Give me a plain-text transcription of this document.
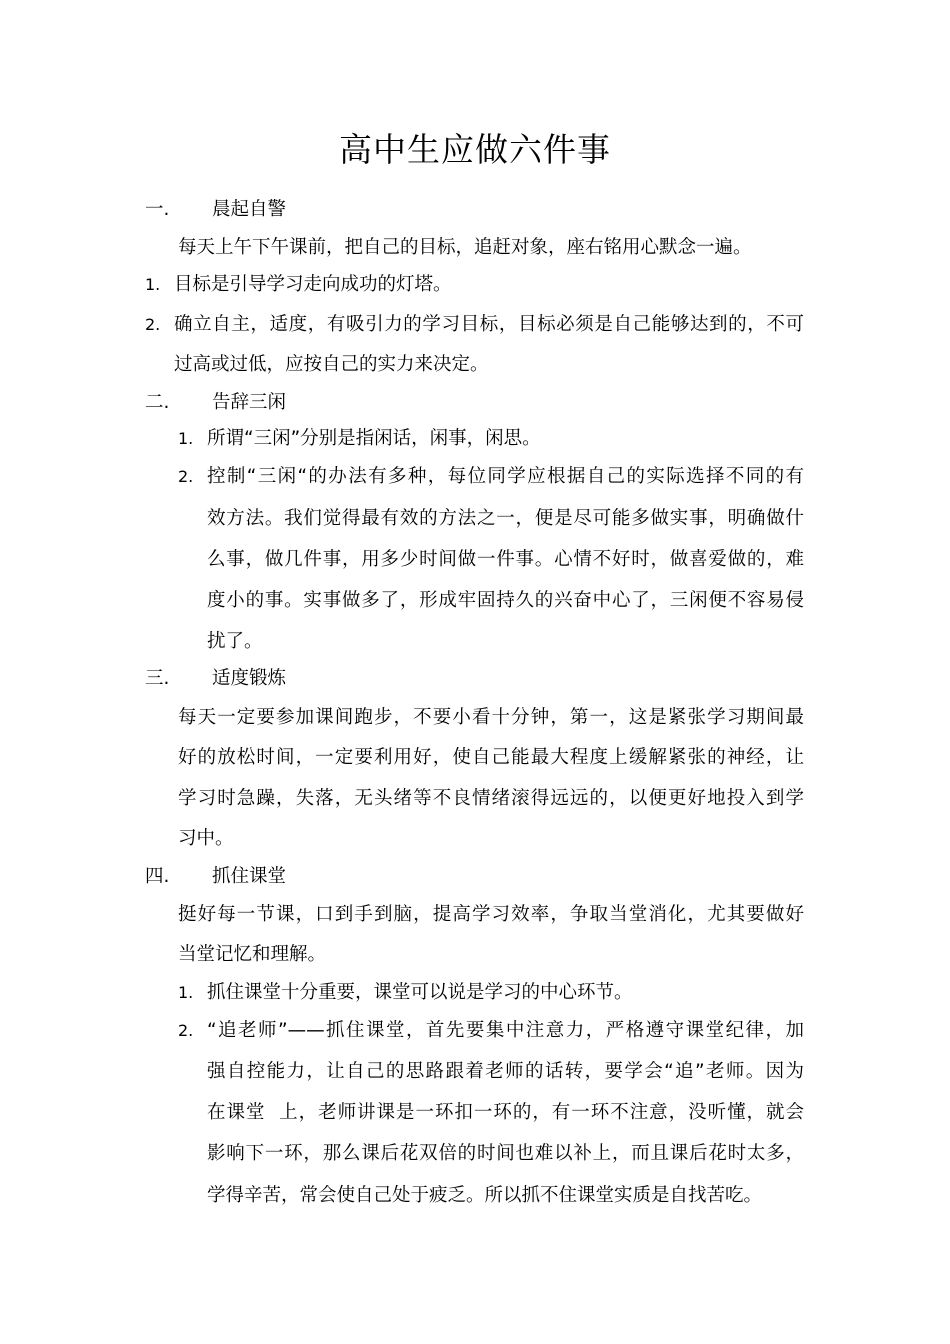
高中生应做六件事
一. 晨起自警
每天上午下午课前，把自己的目标，追赶对象，座右铭用心默念一遍。
1. 目标是引导学习走向成功的灯塔。
2. 确立自主，适度，有吸引力的学习目标，目标必须是自己能够达到的，不可
过高或过低，应按自己的实力来决定。
二. 告辞三闲
1. 所谓“三闲”分别是指闲话，闲事，闲思。
2. 控制“三闲“的办法有多种，每位同学应根据自己的实际选择不同的有
效方法。我们觉得最有效的方法之一，便是尽可能多做实事，明确做什
么事，做几件事，用多少时间做一件事。心情不好时，做喜爱做的，难
度小的事。实事做多了，形成牢固持久的兴奋中心了，三闲便不容易侵
扰了。
三. 适度锻炼
每天一定要参加课间跑步，不要小看十分钟，第一，这是紧张学习期间最
好的放松时间，一定要利用好，使自己能最大程度上缓解紧张的神经，让
学习时急躁，失落，无头绪等不良情绪滚得远远的，以便更好地投入到学
习中。
四. 抓住课堂
挺好每一节课，口到手到脑，提高学习效率，争取当堂消化，尤其要做好
当堂记忆和理解。
1. 抓住课堂十分重要，课堂可以说是学习的中心环节。
2. “追老师”——抓住课堂，首先要集中注意力，严格遵守课堂纪律，加
强自控能力，让自己的思路跟着老师的话转，要学会“追”老师。因为
在课堂  上，老师讲课是一环扣一环的，有一环不注意，没听懂，就会
影响下一环，那么课后花双倍的时间也难以补上，而且课后花时太多，
学得辛苦，常会使自己处于疲乏。所以抓不住课堂实质是自找苦吃。
